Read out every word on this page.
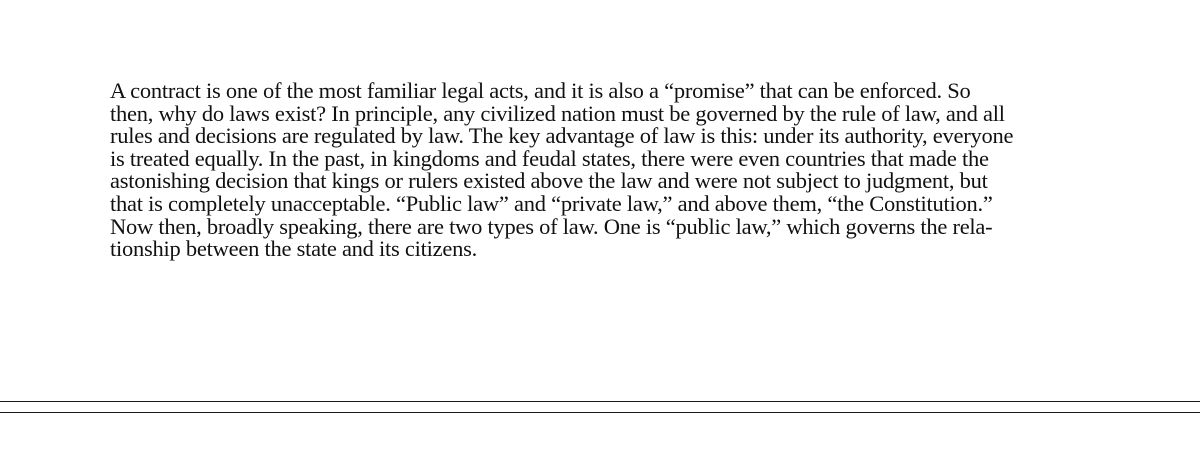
A contract is one of the most familiar legal acts, and it is also a “promise” that can be enforced. So
then, why do laws exist? In principle, any civilized nation must be governed by the rule of law, and all
rules and decisions are regulated by law. The key advantage of law is this: under its authority, everyone
is treated equally. In the past, in kingdoms and feudal states, there were even countries that made the
astonishing decision that kings or rulers existed above the law and were not subject to judgment, but
that is completely unacceptable. “Public law” and “private law,” and above them, “the Constitution.”
Now then, broadly speaking, there are two types of law. One is “public law,” which governs the rela-
tionship between the state and its citizens.
